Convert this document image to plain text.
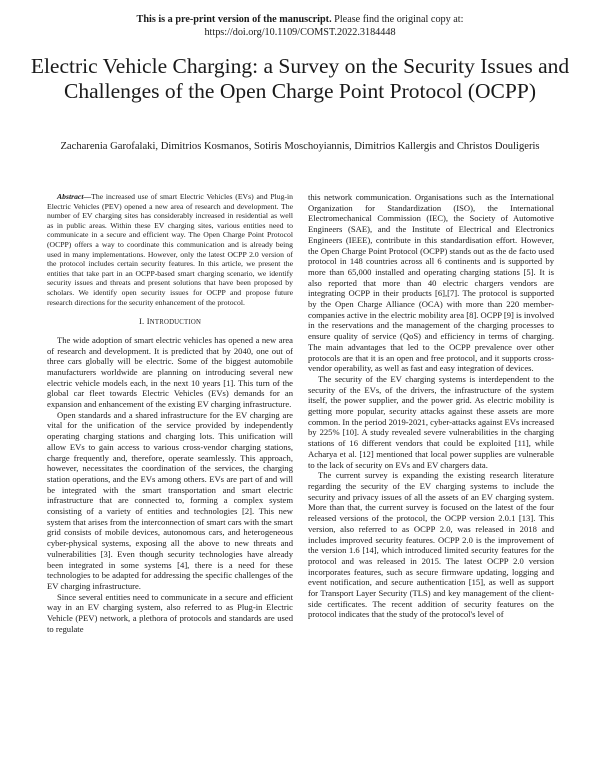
This is a pre-print version of the manuscript. Please find the original copy at:
https://doi.org/10.1109/COMST.2022.3184448
Electric Vehicle Charging: a Survey on the Security Issues and Challenges of the Open Charge Point Protocol (OCPP)
Zacharenia Garofalaki, Dimitrios Kosmanos, Sotiris Moschoyiannis, Dimitrios Kallergis and Christos Douligeris

Abstract—The increased use of smart Electric Vehicles (EVs) and Plug-in Electric Vehicles (PEV) opened a new area of research and development. The number of EV charging sites has considerably increased in residential as well as in public areas. Within these EV charging sites, various entities need to communicate in a secure and efficient way. The Open Charge Point Protocol (OCPP) offers a way to coordinate this communication and is already being used in many implementations. However, only the latest OCPP 2.0 version of the protocol includes certain security features. In this article, we present the entities that take part in an OCPP-based smart charging scenario, we identify security issues and threats and present solutions that have been proposed by scholars. We identify open security issues for OCPP and propose future research directions for the security enhancement of the protocol.

I. INTRODUCTION

The wide adoption of smart electric vehicles has opened a new area of research and development. It is predicted that by 2040, one out of three cars globally will be electric. Some of the biggest automobile manufacturers worldwide are planning on introducing several new electric vehicle models each, in the next 10 years [1]. This turn of the global car fleet towards Electric Vehicles (EVs) demands for an expansion and enhancement of the existing EV charging infrastructure.

Open standards and a shared infrastructure for the EV charging are vital for the unification of the service provided by independently operating charging stations and charging lots. This unification will allow EVs to gain access to various cross-vendor charging stations, charge frequently and, therefore, operate seamlessly. This approach, however, necessitates the coordination of the services, the charging station operations, and the EVs among others. EVs are part of and will be integrated with the smart transportation and smart electric infrastructure that are connected to, forming a complex system consisting of a variety of entities and technologies [2]. This new system that arises from the interconnection of smart cars with the smart grid consists of mobile devices, autonomous cars, and heterogeneous cyber-physical systems, exposing all the above to new threats and vulnerabilities [3]. Even though security technologies have already been integrated in some systems [4], there is a need for these technologies to be adapted for addressing the specific challenges of the EV charging infrastructure.

Since several entities need to communicate in a secure and efficient way in an EV charging system, also referred to as Plug-in Electric Vehicle (PEV) network, a plethora of protocols and standards are used to regulate

this network communication. Organisations such as the International Organization for Standardization (ISO), the International Electromechanical Commission (IEC), the Society of Automotive Engineers (SAE), and the Institute of Electrical and Electronics Engineers (IEEE), contribute in this standardisation effort. However, the Open Charge Point Protocol (OCPP) stands out as the de facto used protocol in 148 countries across all 6 continents and is supported by more than 65,000 installed and operating charging stations [5]. It is also reported that more than 40 electric chargers vendors are integrating OCPP in their products [6],[7]. The protocol is supported by the Open Charge Alliance (OCA) with more than 220 member-companies active in the electric mobility area [8]. OCPP [9] is involved in the reservations and the management of the charging processes to ensure quality of service (QoS) and efficiency in terms of charging. The main advantages that led to the OCPP prevalence over other protocols are that it is an open and free protocol, and it supports cross-vendor operability, as well as fast and easy integration of devices.

The security of the EV charging systems is interdependent to the security of the EVs, of the drivers, the infrastructure of the system itself, the power supplier, and the power grid. As electric mobility is getting more popular, security attacks against these assets are more common. In the period 2019-2021, cyber-attacks against EVs increased by 225% [10]. A study revealed severe vulnerabilities in the charging stations of 16 different vendors that could be exploited [11], while Acharya et al. [12] mentioned that local power supplies are vulnerable to the lack of security on EVs and EV chargers data.

The current survey is expanding the existing research literature regarding the security of the EV charging systems to include the security and privacy issues of all the assets of an EV charging system. More than that, the current survey is focused on the latest of the four released versions of the protocol, the OCPP version 2.0.1 [13]. This version, also referred to as OCPP 2.0, was released in 2018 and includes improved security features. OCPP 2.0 is the improvement of the version 1.6 [14], which introduced limited security features for the protocol and was released in 2015. The latest OCPP 2.0 version incorporates features, such as secure firmware updating, logging and event notification, and secure authentication [15], as well as support for Transport Layer Security (TLS) and key management of the client-side certificates. The recent addition of security features on the protocol indicates that the study of the protocol's level of
